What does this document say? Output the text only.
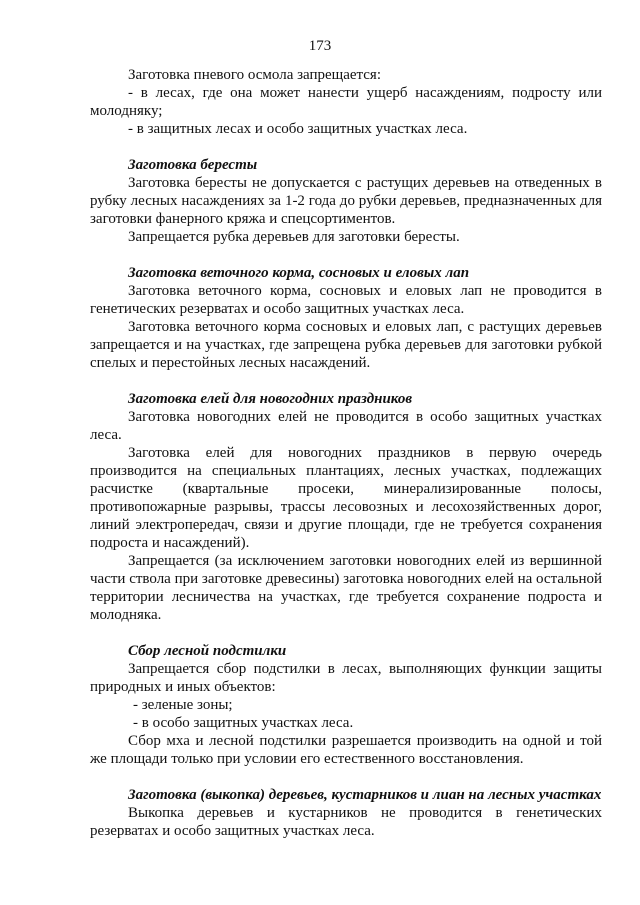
173

Заготовка пневого осмола запрещается:

- в лесах, где она может нанести ущерб насаждениям, подросту или молодняку;

- в защитных лесах и особо защитных участках леса.

Заготовка бересты

Заготовка бересты не допускается с растущих деревьев на отведенных в рубку лесных насаждениях за 1-2 года до рубки деревьев, предназначенных для заготовки фанерного кряжа и спецсортиментов.

Запрещается рубка деревьев для заготовки бересты.

Заготовка веточного корма, сосновых и еловых лап

Заготовка веточного корма, сосновых и еловых лап не проводится в генетических резерватах и особо защитных участках леса.

Заготовка веточного корма сосновых и еловых лап, с растущих деревьев запрещается и на участках, где запрещена рубка деревьев для заготовки рубкой спелых и перестойных лесных насаждений.

Заготовка елей для новогодних праздников

Заготовка новогодних елей не проводится в особо защитных участках леса.

Заготовка елей для новогодних праздников в первую очередь производится на специальных плантациях, лесных участках, подлежащих расчистке (квартальные просеки, минерализированные полосы, противопожарные разрывы, трассы лесовозных и лесохозяйственных дорог, линий электропередач, связи и другие площади, где не требуется сохранения подроста и насаждений).

Запрещается (за исключением заготовки новогодних елей из вершинной части ствола при заготовке древесины) заготовка новогодних елей на остальной территории лесничества на участках, где требуется сохранение подроста и молодняка.

Сбор лесной подстилки

Запрещается сбор подстилки в лесах, выполняющих функции защиты природных и иных объектов:

- зеленые зоны;

- в особо защитных участках леса.

Сбор мха и лесной подстилки разрешается производить на одной и той же площади только при условии его естественного восстановления.

Заготовка (выкопка) деревьев, кустарников и лиан на лесных участках

Выкопка деревьев и кустарников не проводится в генетических резерватах и особо защитных участках леса.
